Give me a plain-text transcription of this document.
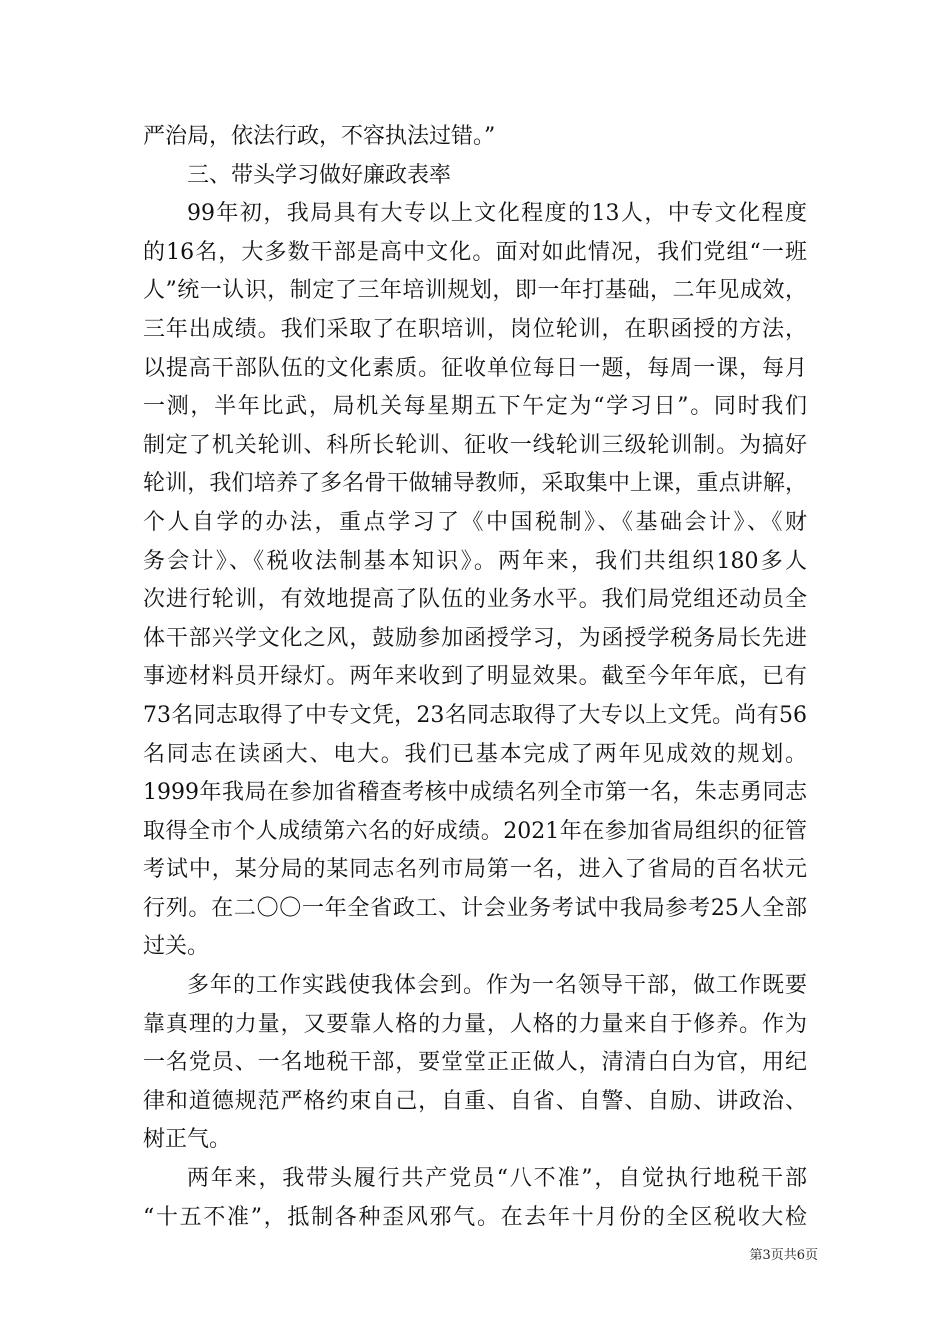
严治局，依法行政，不容执法过错。”
三、带头学习做好廉政表率
99年初，我局具有大专以上文化程度的13人，中专文化程度
的16名，大多数干部是高中文化。面对如此情况，我们党组“一班
人”统一认识，制定了三年培训规划，即一年打基础，二年见成效，
三年出成绩。我们采取了在职培训，岗位轮训，在职函授的方法，
以提高干部队伍的文化素质。征收单位每日一题，每周一课，每月
一测，半年比武，局机关每星期五下午定为“学习日”。同时我们
制定了机关轮训、科所长轮训、征收一线轮训三级轮训制。为搞好
轮训，我们培养了多名骨干做辅导教师，采取集中上课，重点讲解，
个人自学的办法，重点学习了《中国税制》、《基础会计》、《财
务会计》、《税收法制基本知识》。两年来，我们共组织180多人
次进行轮训，有效地提高了队伍的业务水平。我们局党组还动员全
体干部兴学文化之风，鼓励参加函授学习，为函授学税务局长先进
事迹材料员开绿灯。两年来收到了明显效果。截至今年年底，已有
73名同志取得了中专文凭，23名同志取得了大专以上文凭。尚有56
名同志在读函大、电大。我们已基本完成了两年见成效的规划。
1999年我局在参加省稽查考核中成绩名列全市第一名，朱志勇同志
取得全市个人成绩第六名的好成绩。2021年在参加省局组织的征管
考试中，某分局的某同志名列市局第一名，进入了省局的百名状元
行列。在二〇〇一年全省政工、计会业务考试中我局参考25人全部
过关。
多年的工作实践使我体会到。作为一名领导干部，做工作既要
靠真理的力量，又要靠人格的力量，人格的力量来自于修养。作为
一名党员、一名地税干部，要堂堂正正做人，清清白白为官，用纪
律和道德规范严格约束自己，自重、自省、自警、自励、讲政治、
树正气。
两年来，我带头履行共产党员“八不准”，自觉执行地税干部
“十五不准”，抵制各种歪风邪气。在去年十月份的全区税收大检
第3页共6页
